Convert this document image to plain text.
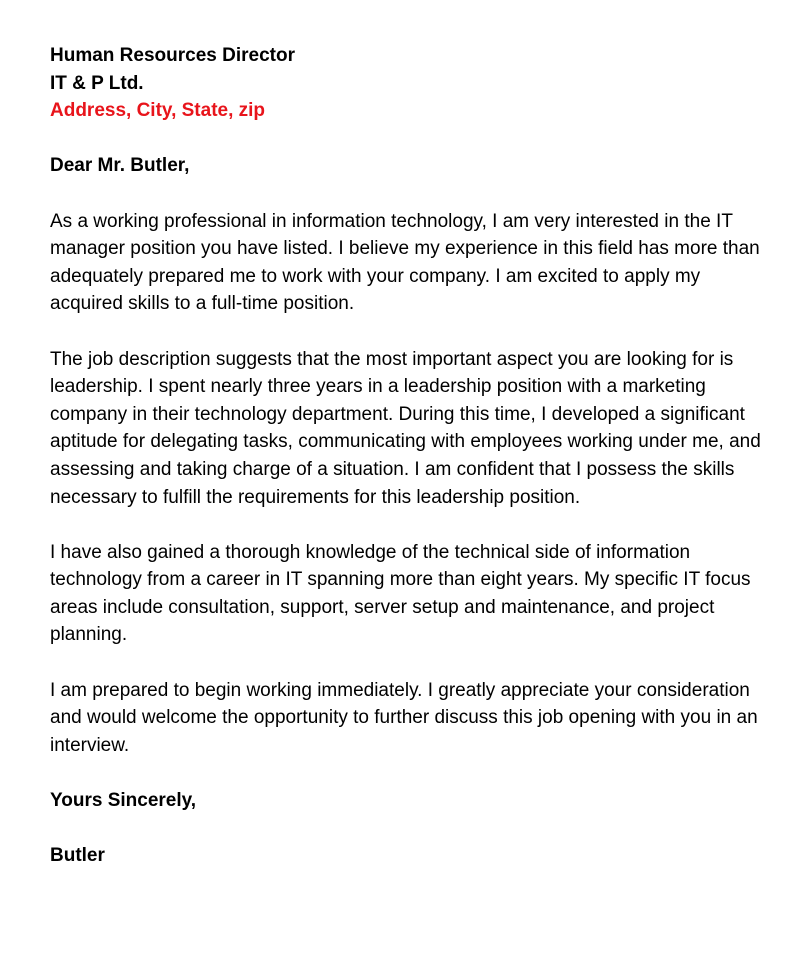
Human Resources Director
IT & P Ltd.
Address, City, State, zip

Dear Mr. Butler,

As a working professional in information technology, I am very interested in the IT manager position you have listed. I believe my experience in this field has more than adequately prepared me to work with your company. I am excited to apply my acquired skills to a full-time position.

The job description suggests that the most important aspect you are looking for is leadership. I spent nearly three years in a leadership position with a marketing company in their technology department. During this time, I developed a significant aptitude for delegating tasks, communicating with employees working under me, and assessing and taking charge of a situation. I am confident that I possess the skills necessary to fulfill the requirements for this leadership position.

I have also gained a thorough knowledge of the technical side of information technology from a career in IT spanning more than eight years. My specific IT focus areas include consultation, support, server setup and maintenance, and project planning.

I am prepared to begin working immediately. I greatly appreciate your consideration and would welcome the opportunity to further discuss this job opening with you in an interview.

Yours Sincerely,

Butler
